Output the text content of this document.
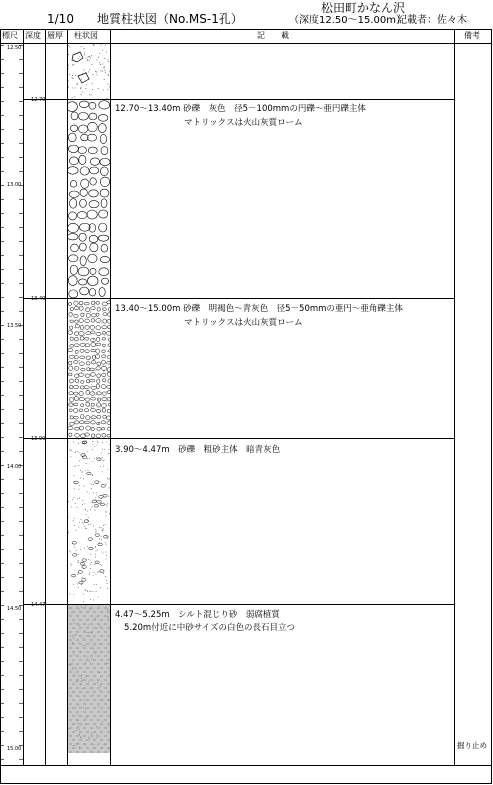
1/10 地質柱状図（No.MS-1孔）
松田町かなん沢
（深度12.50～15.00m）
記載者：佐々木
標尺 深度 層厚 柱状図	記　　載	備考
12.50
13.00
13.50
14.00
14.50
15.00
12.70
13.40
13.90
14.47
12.70～13.40m 砂礫　灰色　径5－100mmの円礫～亜円礫主体
マトリックスは火山灰質ローム
13.40～15.00m 砂礫　明褐色～青灰色　径5－50mmの亜円～亜角礫主体
マトリックスは火山灰質ローム
3.90～4.47m　砂礫　粗砂主体　暗青灰色
4.47～5.25m　シルト混じり砂　弱腐植質
5.20m付近に中砂サイズの白色の長石目立つ
掘り止め
